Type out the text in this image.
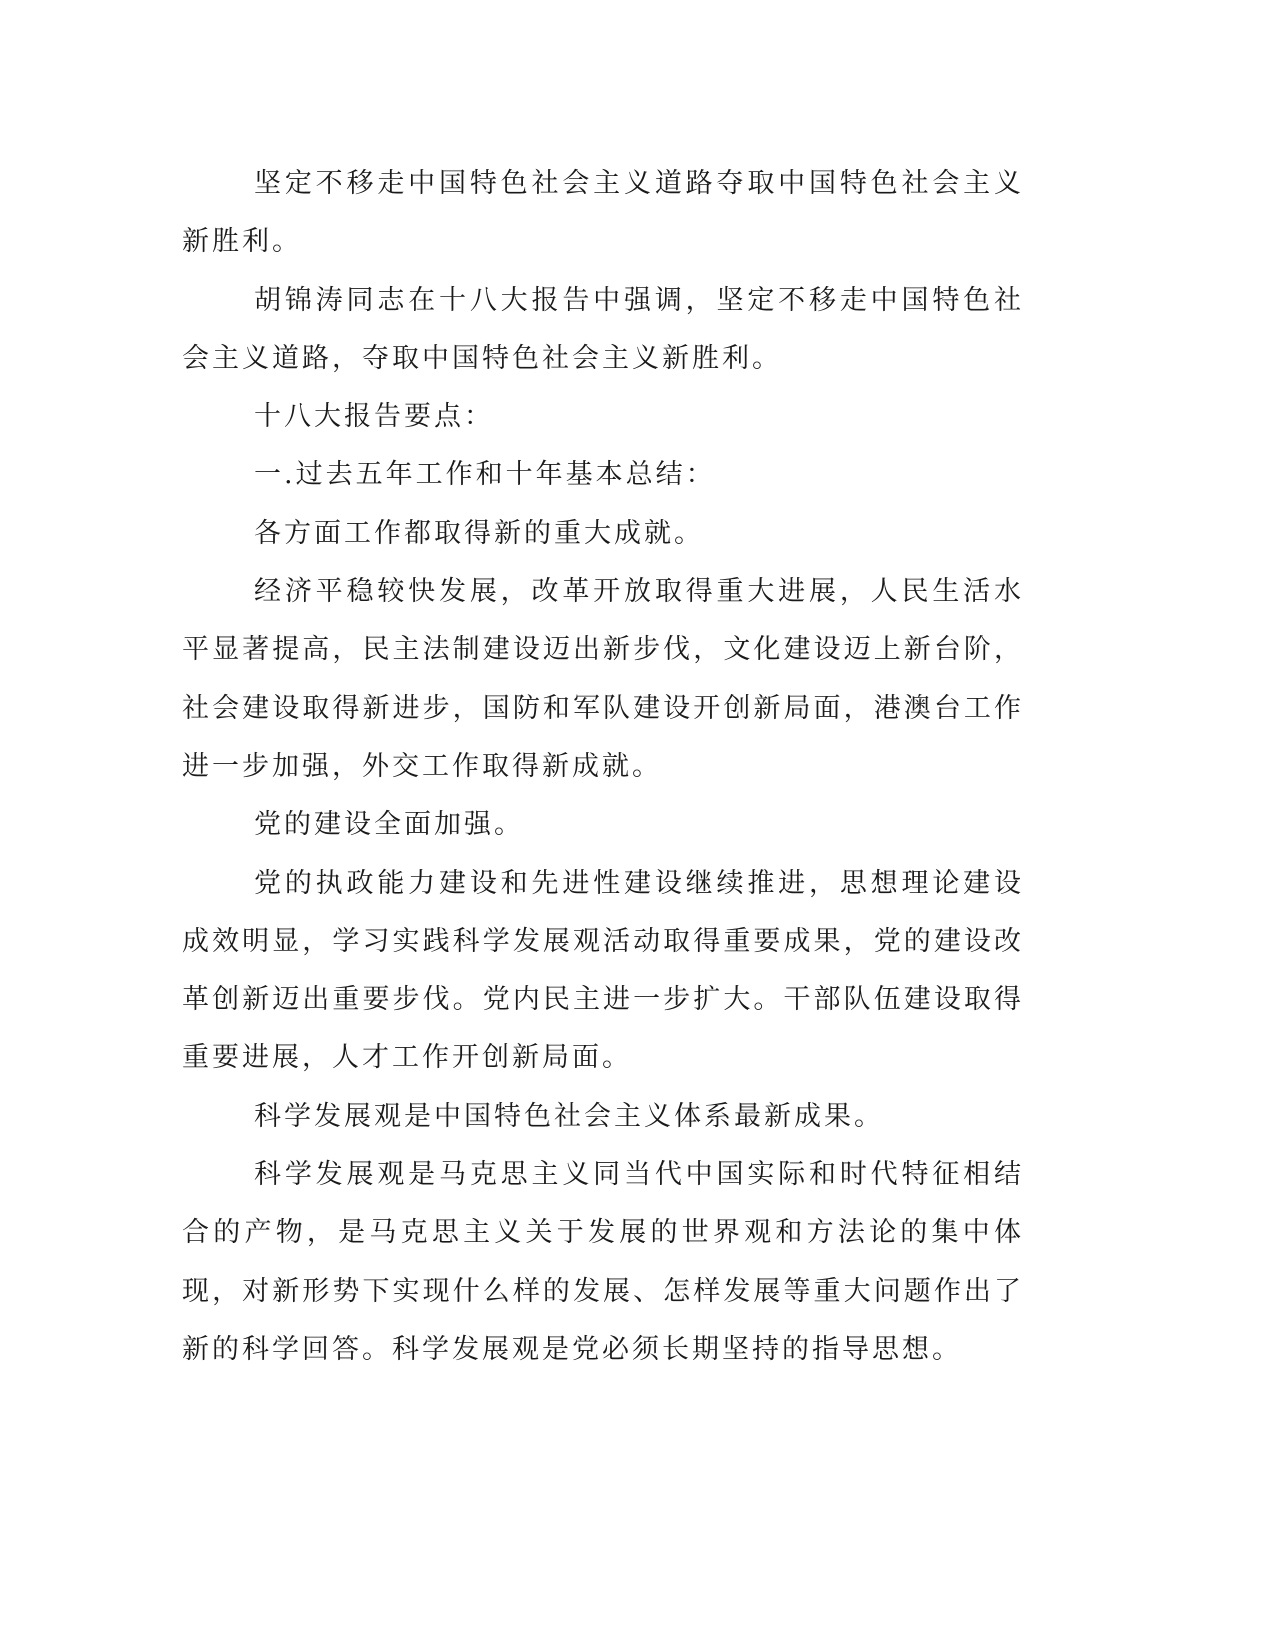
坚定不移走中国特色社会主义道路夺取中国特色社会主义新胜利。

胡锦涛同志在十八大报告中强调，坚定不移走中国特色社会主义道路，夺取中国特色社会主义新胜利。

十八大报告要点：

一.过去五年工作和十年基本总结：

各方面工作都取得新的重大成就。

经济平稳较快发展，改革开放取得重大进展，人民生活水平显著提高，民主法制建设迈出新步伐，文化建设迈上新台阶，社会建设取得新进步，国防和军队建设开创新局面，港澳台工作进一步加强，外交工作取得新成就。

党的建设全面加强。

党的执政能力建设和先进性建设继续推进，思想理论建设成效明显，学习实践科学发展观活动取得重要成果，党的建设改革创新迈出重要步伐。党内民主进一步扩大。干部队伍建设取得重要进展，人才工作开创新局面。

科学发展观是中国特色社会主义体系最新成果。

科学发展观是马克思主义同当代中国实际和时代特征相结合的产物，是马克思主义关于发展的世界观和方法论的集中体现，对新形势下实现什么样的发展、怎样发展等重大问题作出了新的科学回答。科学发展观是党必须长期坚持的指导思想。
